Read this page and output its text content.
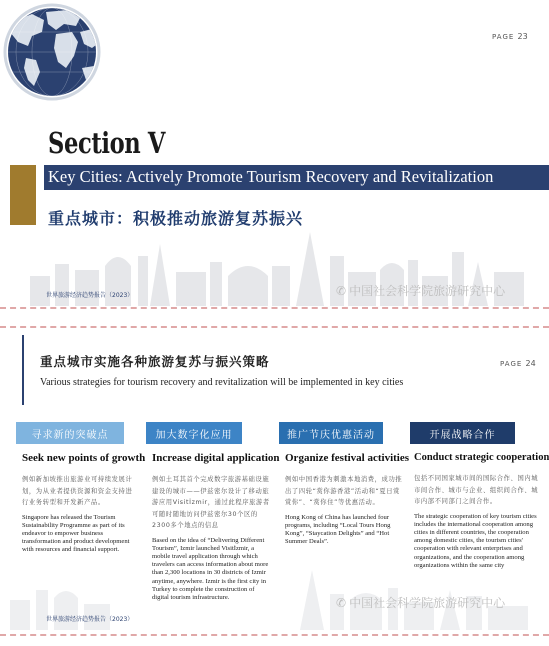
PAGE 23
Section V
Key Cities: Actively Promote Tourism Recovery and Revitalization
重点城市：积极推动旅游复苏振兴
世界旅游经济趋势报告（2023）	✆ 中国社会科学院旅游研究中心
重点城市实施各种旅游复苏与振兴策略	PAGE 24
Various strategies for tourism recovery and revitalization will be implemented in key cities
寻求新的突破点
Seek new points of growth
例如新加坡推出旅游业可持续发展计划，为从业者提供资源和资金支持进行业务转型和开发新产品。
Singapore has released the Tourism Sustainability Programme as part of its endeavor to empower business transformation and product development with resources and financial support.
加大数字化应用
Increase digital application
例如土耳其首个完成数字旅游基础设施建设的城市——伊兹密尔设计了移动旅游应用Visitİzmir，通过此程序旅游者可随时随地访问伊兹密尔30个区的2300多个地点的信息
Based on the idea of “Delivering Different Tourism”, Izmir launched Visitİzmir, a mobile travel application through which travelers can access information about more than 2,300 locations in 30 districts of Izmir anytime, anywhere. Izmir is the first city in Turkey to complete the construction of digital tourism infrastructure.
推广节庆优惠活动
Organize festival activities
例如中国香港为刺激本地消费，成功推出了四轮“赏你游香港”活动和“夏日赏赏你”、“赏你住”等优惠活动。
Hong Kong of China has launched four programs, including “Local Tours Hong Kong”, “Staycation Delights” and “Hot Summer Deals”.
开展战略合作
Conduct strategic cooperation
包括不同国家城市间的国际合作、国内城市间合作、城市与企业、组织间合作、城市内部不同部门之间合作。
The strategic cooperation of key tourism cities includes the international cooperation among cities in different countries, the cooperation among domestic cities, the tourism cities' cooperation with relevant enterprises and organizations, and the cooperation among organizations within the same city
世界旅游经济趋势报告（2023）
✆ 中国社会科学院旅游研究中心
